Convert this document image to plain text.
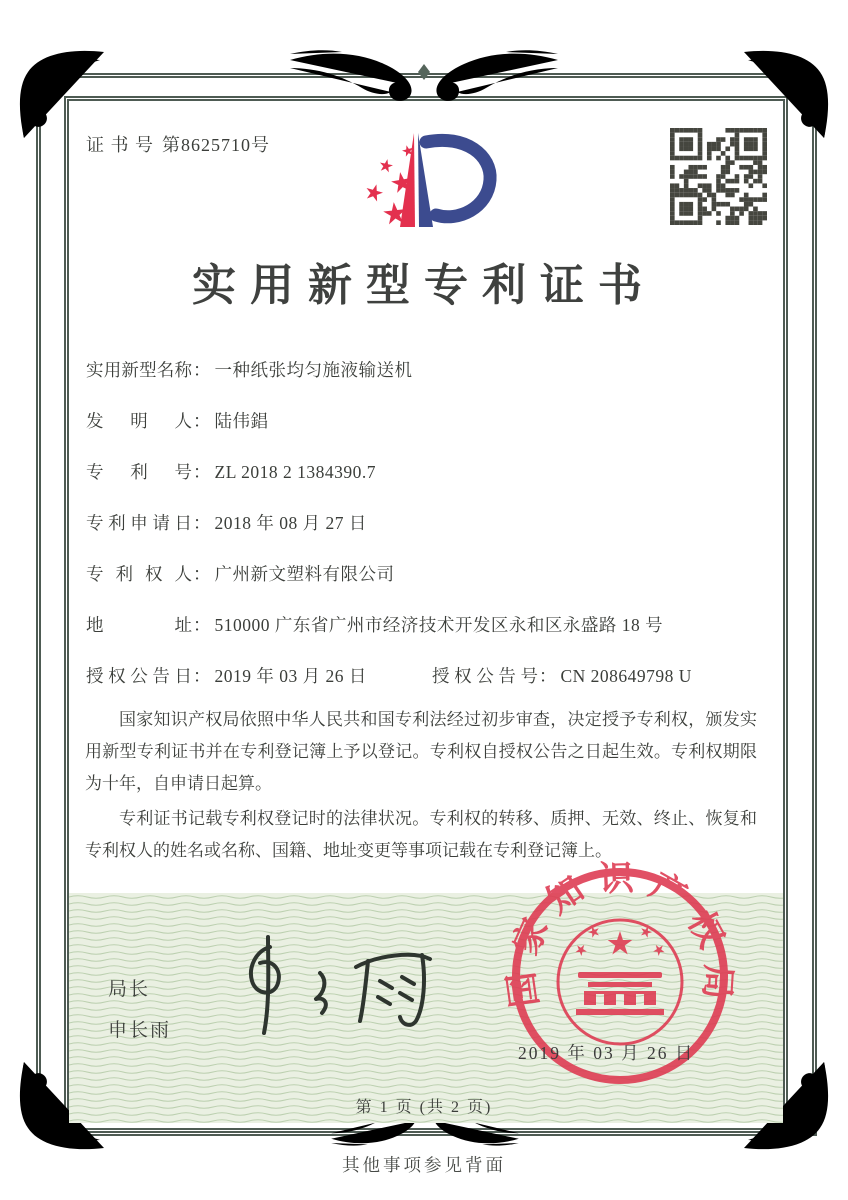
证 书 号 第8625710号
实用新型专利证书
实用新型名称 ： 一种纸张均匀施液输送机
发明人 ： 陆伟錩
专利号 ： ZL 2018 2 1384390.7
专利申请日 ： 2018 年 08 月 27 日
专利权人 ： 广州新文塑料有限公司
地址 ： 510000 广东省广州市经济技术开发区永和区永盛路 18 号
授权公告日 ： 2019 年 03 月 26 日	授权公告号 ： CN 208649798 U

国家知识产权局依照中华人民共和国专利法经过初步审查，决定授予专利权，颁发实用新型专利证书并在专利登记簿上予以登记。专利权自授权公告之日起生效。专利权期限为十年，自申请日起算。

专利证书记载专利权登记时的法律状况。专利权的转移、质押、无效、终止、恢复和专利权人的姓名或名称、国籍、地址变更等事项记载在专利登记簿上。

局长
申长雨
国家知识产权局
2019 年 03 月 26 日
第 1 页 (共 2 页)
其他事项参见背面
